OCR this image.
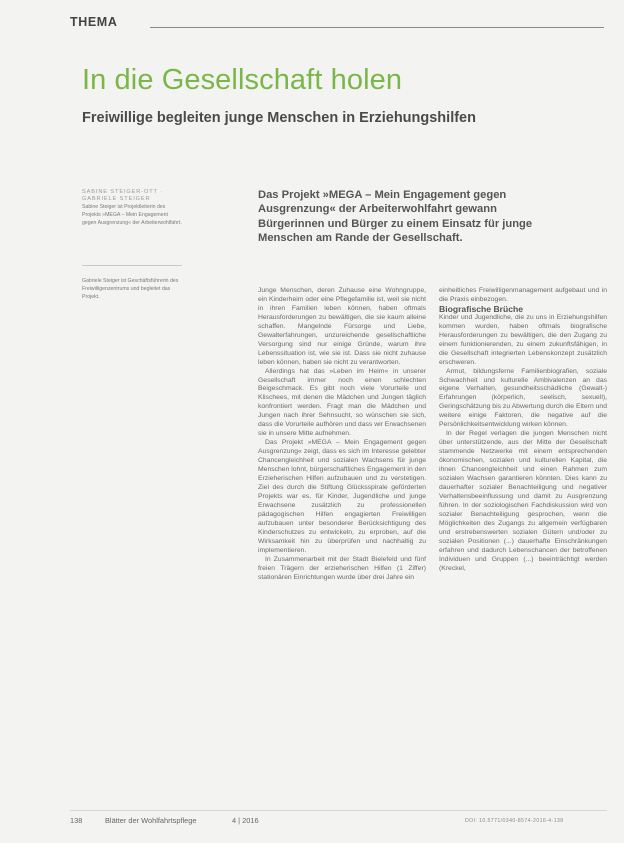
THEMA
In die Gesellschaft holen
Freiwillige begleiten junge Menschen in Erziehungshilfen
SABINE STEIGER-OTT · GABRIELE STEIGER
Sabine Steiger ist Projektleiterin des Projekts »MEGA – Mein Engagement gegen Ausgrenzung« der Arbeiterwohlfahrt.
Gabriele Steiger ist Geschäftsführerin des Freiwilligenzentrums und begleitet das Projekt.
Das Projekt »MEGA – Mein Engagement gegen Ausgrenzung« der Arbeiterwohlfahrt gewann Bürgerinnen und Bürger zu einem Einsatz für junge Menschen am Rande der Gesellschaft.

Junge Menschen, deren Zuhause eine Wohngruppe, ein Kinderheim oder eine Pflegefamilie ist, weil sie nicht in ihren Familien leben können, haben oftmals Herausforderungen zu bewältigen, die sie kaum alleine schaffen. Mangelnde Fürsorge und Liebe, Gewalterfahrungen, unzureichende gesellschaftliche Versorgung sind nur einige Gründe, warum ihre Lebenssituation ist, wie sie ist. Dass sie nicht zuhause leben können, haben sie nicht zu verantworten.

Allerdings hat das »Leben im Heim« in unserer Gesellschaft immer noch einen schlechten Beigeschmack. Es gibt noch viele Vorurteile und Klischees, mit denen die Mädchen und Jungen täglich konfrontiert werden. Fragt man die Mädchen und Jungen nach ihrer Sehnsucht, so wünschen sie sich, dass die Vorurteile aufhören und dass wir Erwachsenen sie in unsere Mitte aufnehmen.

Das Projekt »MEGA – Mein Engagement gegen Ausgrenzung« zeigt, dass es sich im Interesse gelebter Chancengleichheit und sozialen Wachsens für junge Menschen lohnt, bürgerschaftliches Engagement in den Erzieherischen Hilfen aufzubauen und zu verstetigen. Ziel des durch die Stiftung Glücksspirale geförderten Projekts war es, für Kinder, Jugendliche und junge Erwachsene zusätzlich zu professionellen pädagogischen Hilfen engagierten Freiwilligen aufzubauen unter besonderer Berücksichtigung des Kinderschutzes zu entwickeln, zu erproben, auf die Wirksamkeit hin zu überprüfen und nachhaltig zu implementieren.

In Zusammenarbeit mit der Stadt Bielefeld und fünf freien Trägern der erzieherischen Hilfen (1 Ziffer) stationären Einrichtungen wurde über drei Jahre ein

einheitliches Freiwilligenmanagement aufgebaut und in die Praxis einbezogen.

Biografische Brüche

Kinder und Jugendliche, die zu uns in Erziehungshilfen kommen wurden, haben oftmals biografische Herausforderungen zu bewältigen, die den Zugang zu einem funktionierenden, zu einem zukunftsfähigen, in die Gesellschaft integrierten Lebenskonzept zusätzlich erschweren.

Armut, bildungsferne Familienbiografien, soziale Schwachheit und kulturelle Ambivalenzen an das eigene Verhalten, gesundheitsschädliche (Gewalt-) Erfahrungen (körperlich, seelisch, sexuell), Geringschätzung bis zu Abwertung durch die Eltern und weitere einige Faktoren, die negative auf die Persönlichkeitsentwicklung wirken können.

In der Regel verlagen die jungen Menschen nicht über unterstützende, aus der Mitte der Gesellschaft stammende Netzwerke mit einem entsprechenden ökonomischen, sozialen und kulturellen Kapital, die ihnen Chancengleichheit und einen Rahmen zum sozialen Wachsen garantieren könnten. Dies kann zu dauerhafter sozialer Benachteiligung und negativer Verhaltensbeeinflussung und damit zu Ausgrenzung führen. In der soziologischen Fachdiskussion wird von sozialer Benachteiligung gesprochen, wenn die Möglichkeiten des Zugangs zu allgemein verfügbaren und erstrebenswerten sozialen Gütern und/oder zu sozialen Positionen (...) dauerhafte Einschränkungen erfahren und dadurch Lebenschancen der betroffenen Individuen und Gruppen (...) beeinträchtigt werden (Kreckel,

138	Blätter der Wohlfahrtspflege	4 | 2016	DOI: 10.5771/0340-8574-2016-4-138
